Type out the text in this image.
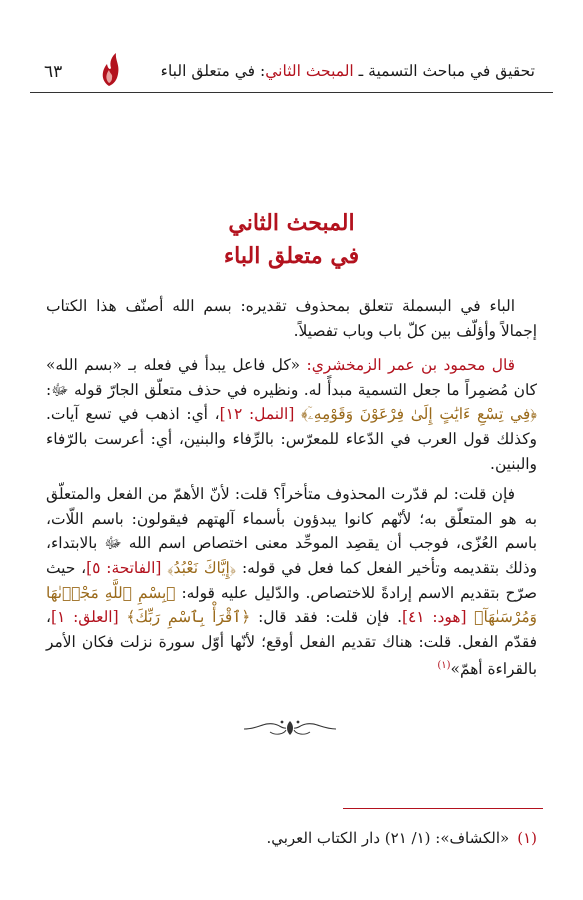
تحقيق في مباحث التسمية ـ المبحث الثاني: في متعلق الباء
٦٣
المبحث الثاني
في متعلق الباء

الباء في البسملة تتعلق بمحذوف تقديره: بسم الله أصنّف هذا الكتاب إجمالاً وأؤلّف بين كلّ باب وباب تفصيلاً.

قال محمود بن عمر الزمخشري: «كل فاعل يبدأ في فعله بـ «بسم الله» كان مُضمِراً ما جعل التسمية مبدأً له. ونظيره في حذف متعلّق الجارّ قوله ﷻ: ﴿فِي تِسْعِ ءَايَٰتٍ إِلَىٰ فِرْعَوْنَ وَقَوْمِهِۦٓ﴾ [النمل: ١٢]، أي: اذهب في تسع آيات. وكذلك قول العرب في الدّعاء للمعرّس: بالرِّفاء والبنين، أي: أعرست بالرّفاء والبنين.

فإن قلت: لم قدّرت المحذوف متأخراً؟ قلت: لأنّ الأهمّ من الفعل والمتعلّق به هو المتعلّق به؛ لأنّهم كانوا يبدؤون بأسماء آلهتهم فيقولون: باسم اللّات، باسم العُزّى، فوجب أن يقصِد الموحِّد معنى اختصاص اسم الله ﷻ بالابتداء، وذلك بتقديمه وتأخير الفعل كما فعل في قوله: ﴿إِيَّاكَ نَعْبُدُ﴾ [الفاتحة: ٥]، حيث صرّح بتقديم الاسم إرادةً للاختصاص. والدّليل عليه قوله: ﴿بِسْمِ ٱللَّهِ مَجْرٜىٰهَا وَمُرْسَىٰهَآ﴾ [هود: ٤١]. فإن قلت: فقد قال: ﴿ٱقْرَأْ بِٱسْمِ رَبِّكَ﴾ [العلق: ١]، فقدّم الفعل. قلت: هناك تقديم الفعل أوقع؛ لأنّها أوّل سورة نزلت فكان الأمر بالقراءة أهمّ»$^{(١)}$

(١)«الكشاف»: (١/ ٢١) دار الكتاب العربي.
